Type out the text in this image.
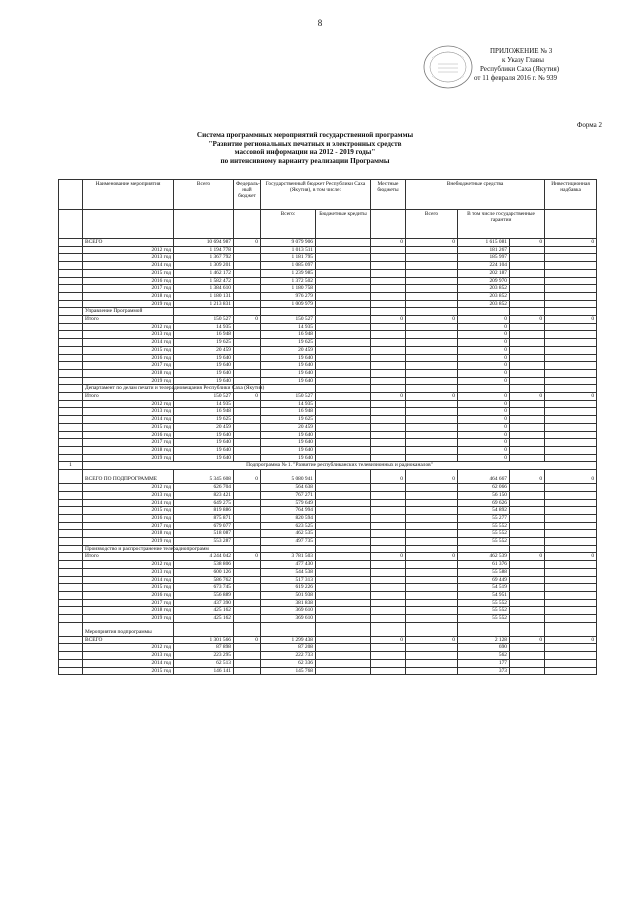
8
ПРИЛОЖЕНИЕ № 3
к Указу Главы
Республики Саха (Якутия)
от 11 февраля 2016 г. № 939
Форма 2
Система программных мероприятий государственной программы
"Развитие региональных печатных и электронных средств
массовой информации на 2012 - 2019 годы"
по интенсивному варианту реализации Программы
	Наименование мероприятия	Всего	Федераль-ный бюджет	Государственный бюджет Республики Саха (Якутия), в том числе:		Местные бюджеты	Внебюджетные средства			Инвестиционная надбавка
				Всего:	Бюджетные кредиты		Всего	В том числе государственные гарантии		
	ВСЕГО	10 694 987	0	9 079 906		0	0	1 615 081	0	0
	2012 год	1 194 778		1 013 511				181 267		
	2013 год	1 367 792		1 181 795				185 997		
	2014 год	1 309 201		1 085 097				224 104		
	2015 год	1 462 172		1 239 985				202 187		
	2016 год	1 582 472		1 372 502				209 970		
	2017 год	1 384 610		1 180 758				203 852		
	2018 год	1 180 131		976 279				203 852		
	2019 год	1 213 831		1 009 979				203 852		
	Управление Программой									
	Итого	150 527	0	150 527		0	0	0	0	0
	2012 год	14 935		14 935				0		
	2013 год	16 948		16 948				0		
	2014 год	19 625		19 625				0		
	2015 год	20 459		20 459				0		
	2016 год	19 640		19 640				0		
	2017 год	19 640		19 640				0		
	2018 год	19 640		19 640				0		
	2019 год	19 640		19 640				0		
	Департамент по делам печати и телерадиовещания Республики Саха (Якутия)									
	Итого	150 527	0	150 527		0	0	0	0	0
	2012 год	14 935		14 935				0		
	2013 год	16 948		16 948				0		
	2014 год	19 625		19 625				0		
	2015 год	20 459		20 459				0		
	2016 год	19 640		19 640				0		
	2017 год	19 640		19 640				0		
	2018 год	19 640		19 640				0		
	2019 год	19 640		19 640				0		
1	Подпрограмма № 1. "Развитие республиканских телевизионных и радиоканалов"									
	ВСЕГО ПО ПОДПРОГРАММЕ	5 345 608	0	5 080 941		0	0	464 667	0	0
	2012 год	626 704		564 638				62 066		
	2013 год	823 421		767 271				56 150		
	2014 год	649 275		579 649				69 626		
	2015 год	819 886		764 994				54 892		
	2016 год	875 871		820 594				55 277		
	2017 год	679 077		623 525				55 552		
	2018 год	518 087		462 535				55 552		
	2019 год	553 287		497 735				55 552		
	Производство и распространение телерадиопрограмм									
	Итого	4 244 042	0	3 781 503		0	0	462 539	0	0
	2012 год	538 806		477 430				61 376		
	2013 год	600 126		544 538				55 588		
	2014 год	586 762		517 313				69 449		
	2015 год	673 745		619 226				54 519		
	2016 год	556 889		501 938				54 951		
	2017 год	437 390		381 838				55 552		
	2018 год	425 162		369 610				55 552		
	2019 год	425 162		369 610				55 552		
	Мероприятия подпрограммы									
	ВСЕГО	1 301 566	0	1 299 438		0	0	2 128	0	0
	2012 год	87 898		87 208				690		
	2013 год	223 295		222 733				562		
	2014 год	62 513		62 336				177		
	2015 год	146 141		145 768				373		
